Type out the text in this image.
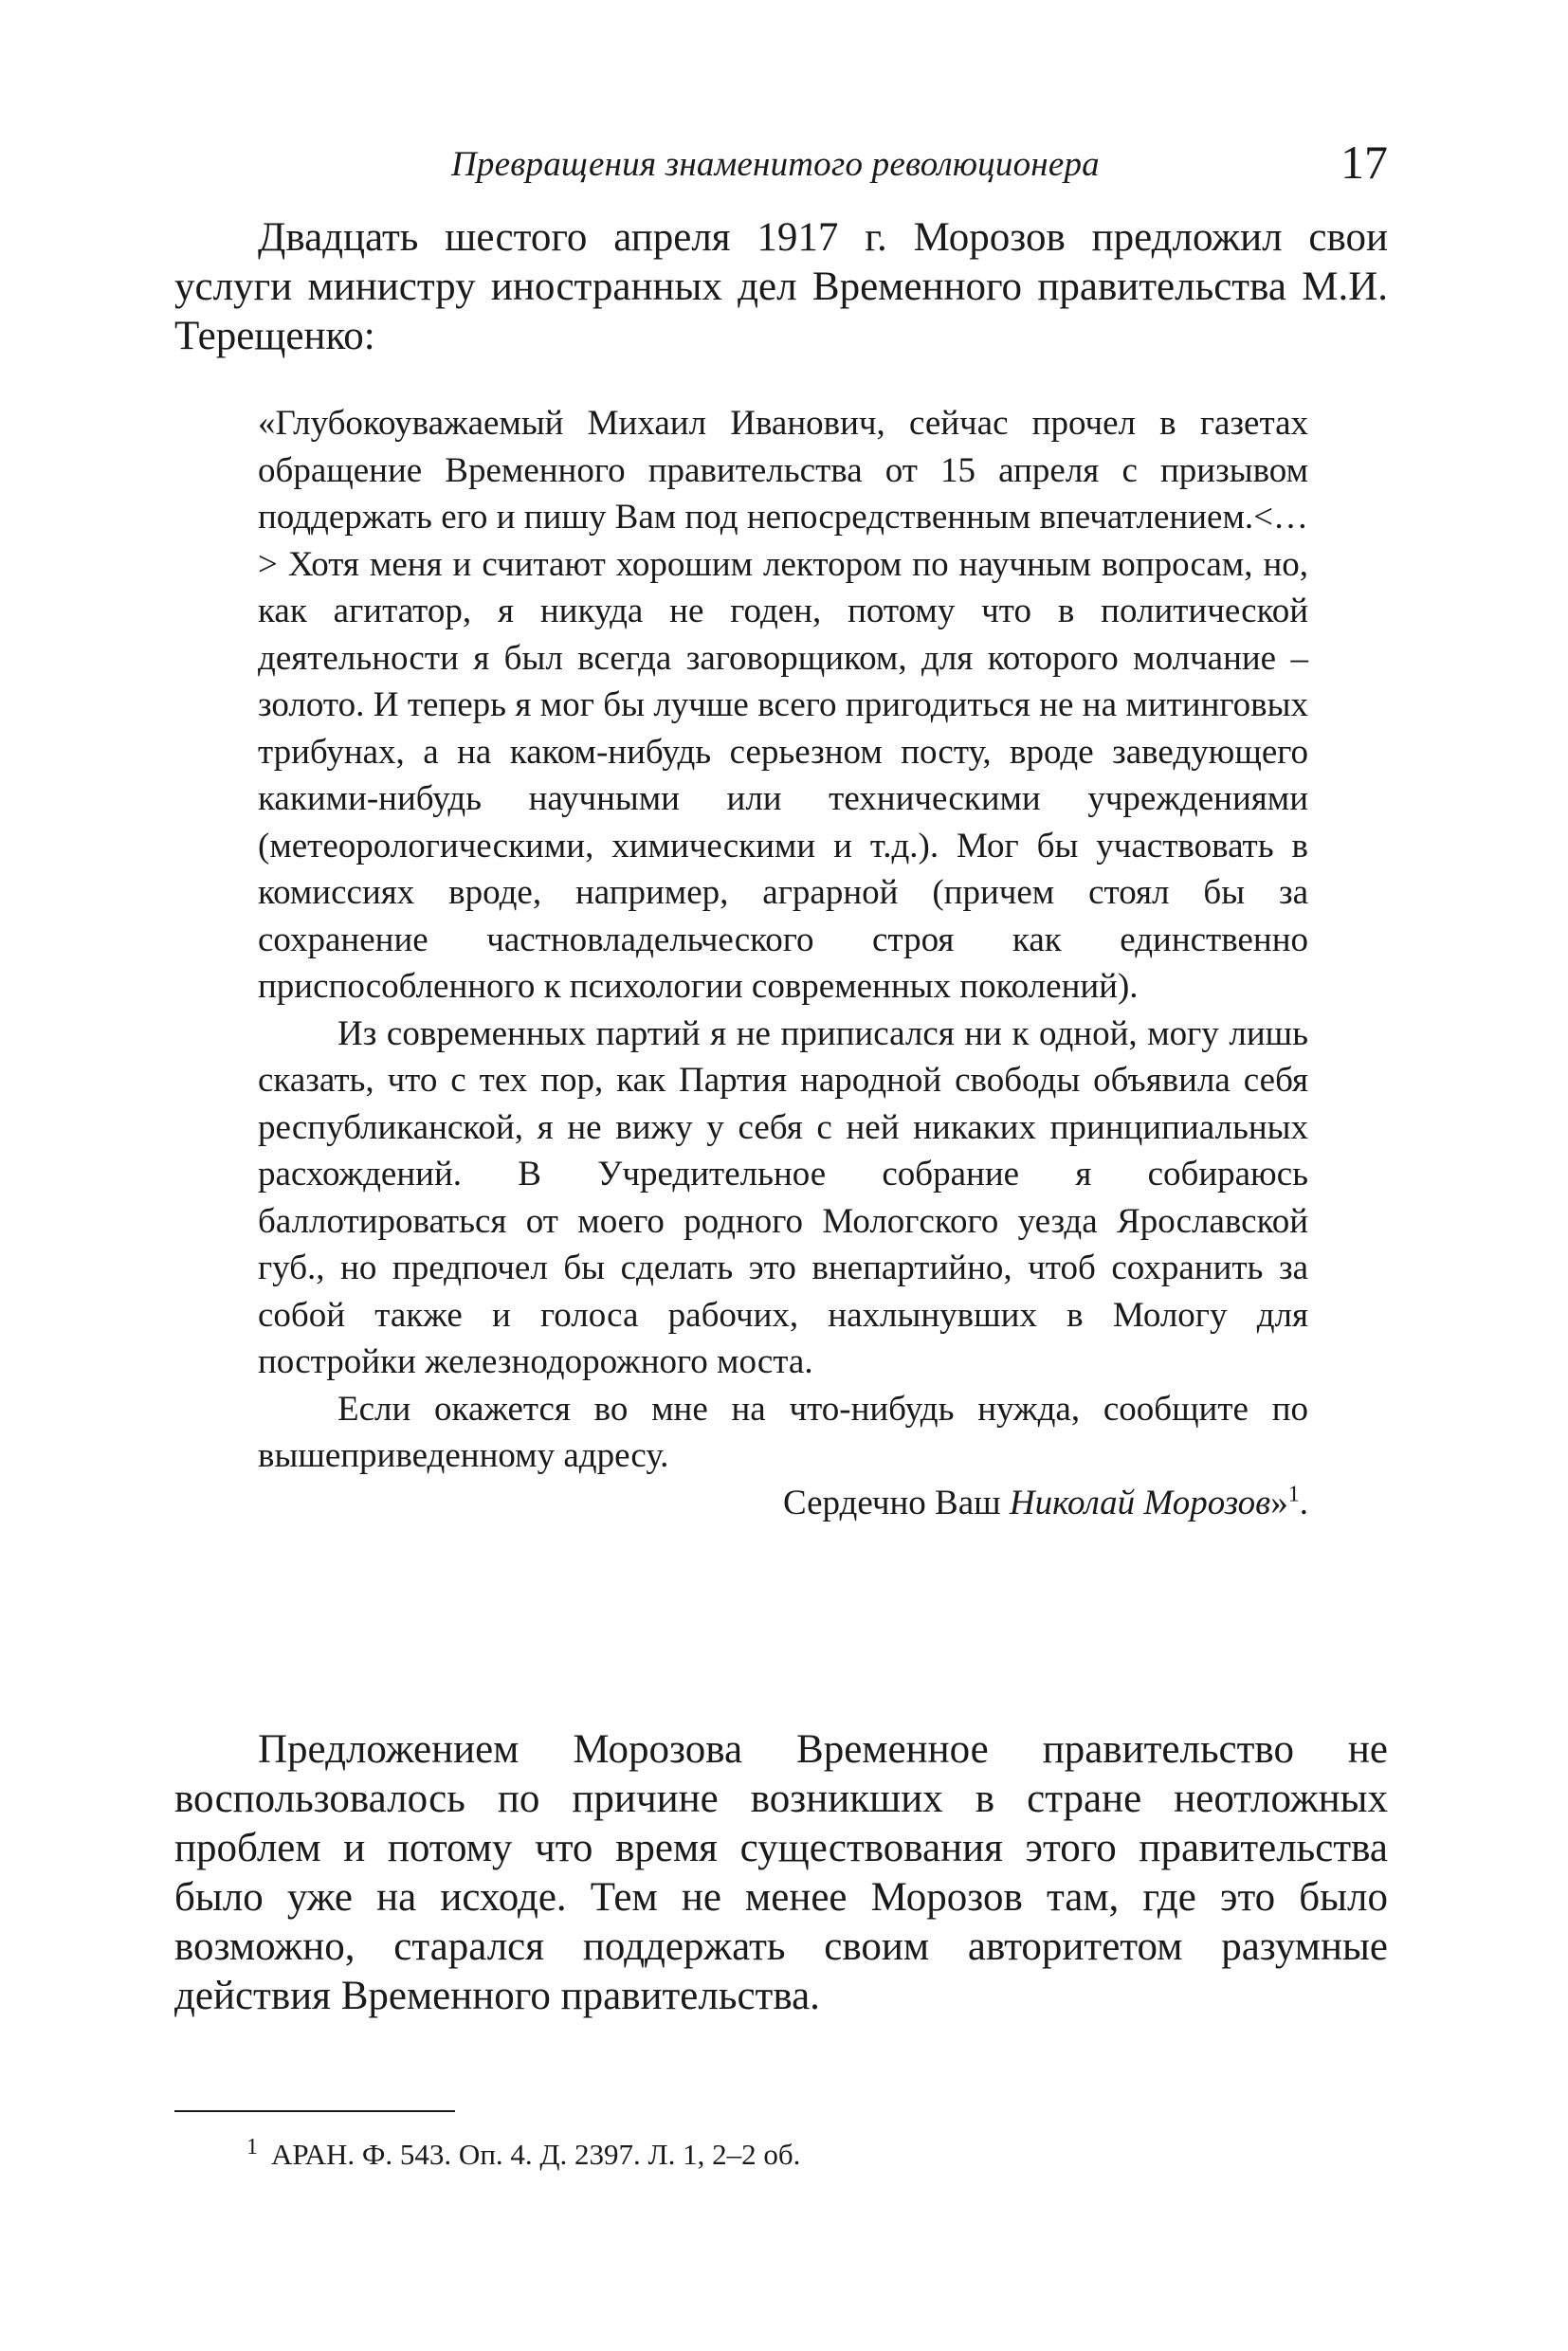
Превращения знаменитого революционера	17

Двадцать шестого апреля 1917 г. Морозов предложил свои услуги министру иностранных дел Временного правительства М.И. Терещенко:

«Глубокоуважаемый Михаил Иванович, сейчас прочел в газетах обращение Временного правительства от 15 апреля с призывом поддержать его и пишу Вам под непосредственным впечатлением.<…> Хотя меня и считают хорошим лектором по научным вопросам, но, как агитатор, я никуда не годен, потому что в политической деятельности я был всегда заговорщиком, для которого молчание – золото. И теперь я мог бы лучше всего пригодиться не на митинговых трибунах, а на каком-нибудь серьезном посту, вроде заведующего какими-нибудь научными или техническими учреждениями (метеорологическими, химическими и т.д.). Мог бы участвовать в комиссиях вроде, например, аграрной (причем стоял бы за сохранение частновладельческого строя как единственно приспособленного к психологии современных поколений).

Из современных партий я не приписался ни к одной, могу лишь сказать, что с тех пор, как Партия народной свободы объявила себя республиканской, я не вижу у себя с ней никаких принципиальных расхождений. В Учредительное собрание я собираюсь баллотироваться от моего родного Мологского уезда Ярославской губ., но предпочел бы сделать это внепартийно, чтоб сохранить за собой также и голоса рабочих, нахлынувших в Мологу для постройки железнодорожного моста.

Если окажется во мне на что-нибудь нужда, сообщите по вышеприведенному адресу.

Сердечно Ваш Николай Морозов»$^1$.

Предложением Морозова Временное правительство не воспользовалось по причине возникших в стране неотложных проблем и потому что время существования этого правительства было уже на исходе. Тем не менее Морозов там, где это было возможно, старался поддержать своим авторитетом разумные действия Временного правительства.

1 АРАН. Ф. 543. Оп. 4. Д. 2397. Л. 1, 2–2 об.
